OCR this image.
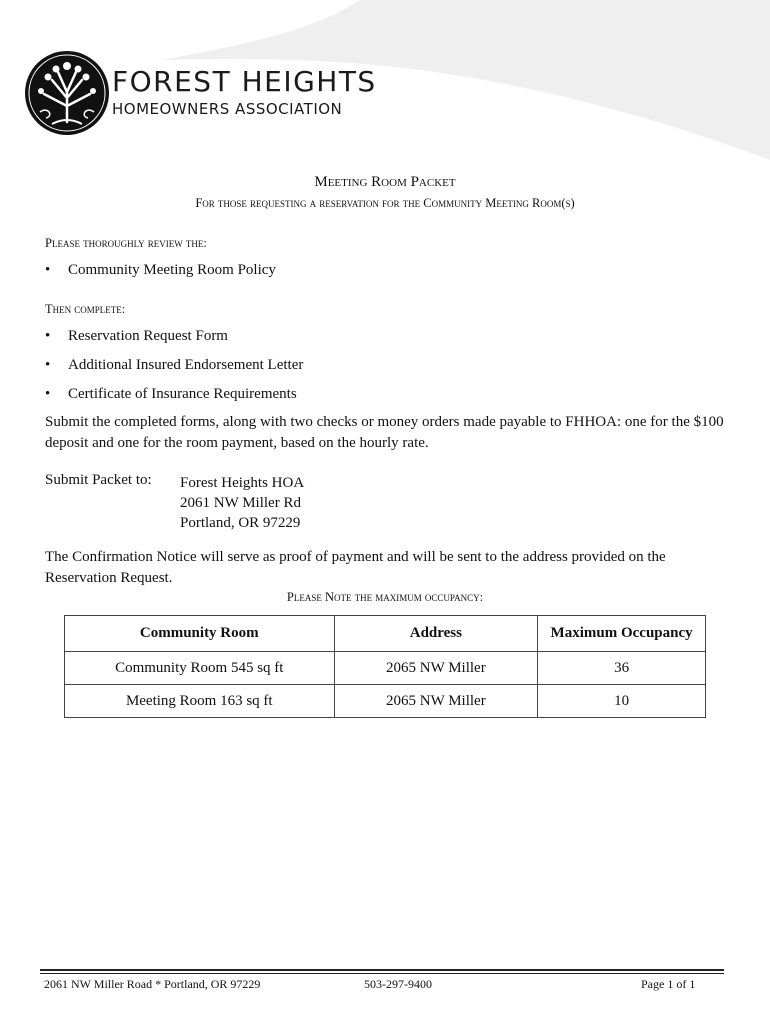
FOREST HEIGHTS
HOMEOWNERS ASSOCIATION
Meeting Room Packet
For those requesting a reservation for the Community Meeting Room(s)
Please thoroughly review the:
• Community Meeting Room Policy
Then complete:
• Reservation Request Form
• Additional Insured Endorsement Letter
• Certificate of Insurance Requirements
Submit the completed forms, along with two checks or money orders made payable to FHHOA: one for the $100 deposit and one for the room payment, based on the hourly rate.
Submit Packet to: Forest Heights HOA
2061 NW Miller Rd
Portland, OR 97229
The Confirmation Notice will serve as proof of payment and will be sent to the address provided on the Reservation Request.
Please Note the maximum occupancy:
Community Room	Address	Maximum Occupancy
Community Room 545 sq ft	2065 NW Miller	36
Meeting Room 163 sq ft	2065 NW Miller	10
2061 NW Miller Road * Portland, OR 97229	503-297-9400	Page 1 of 1
